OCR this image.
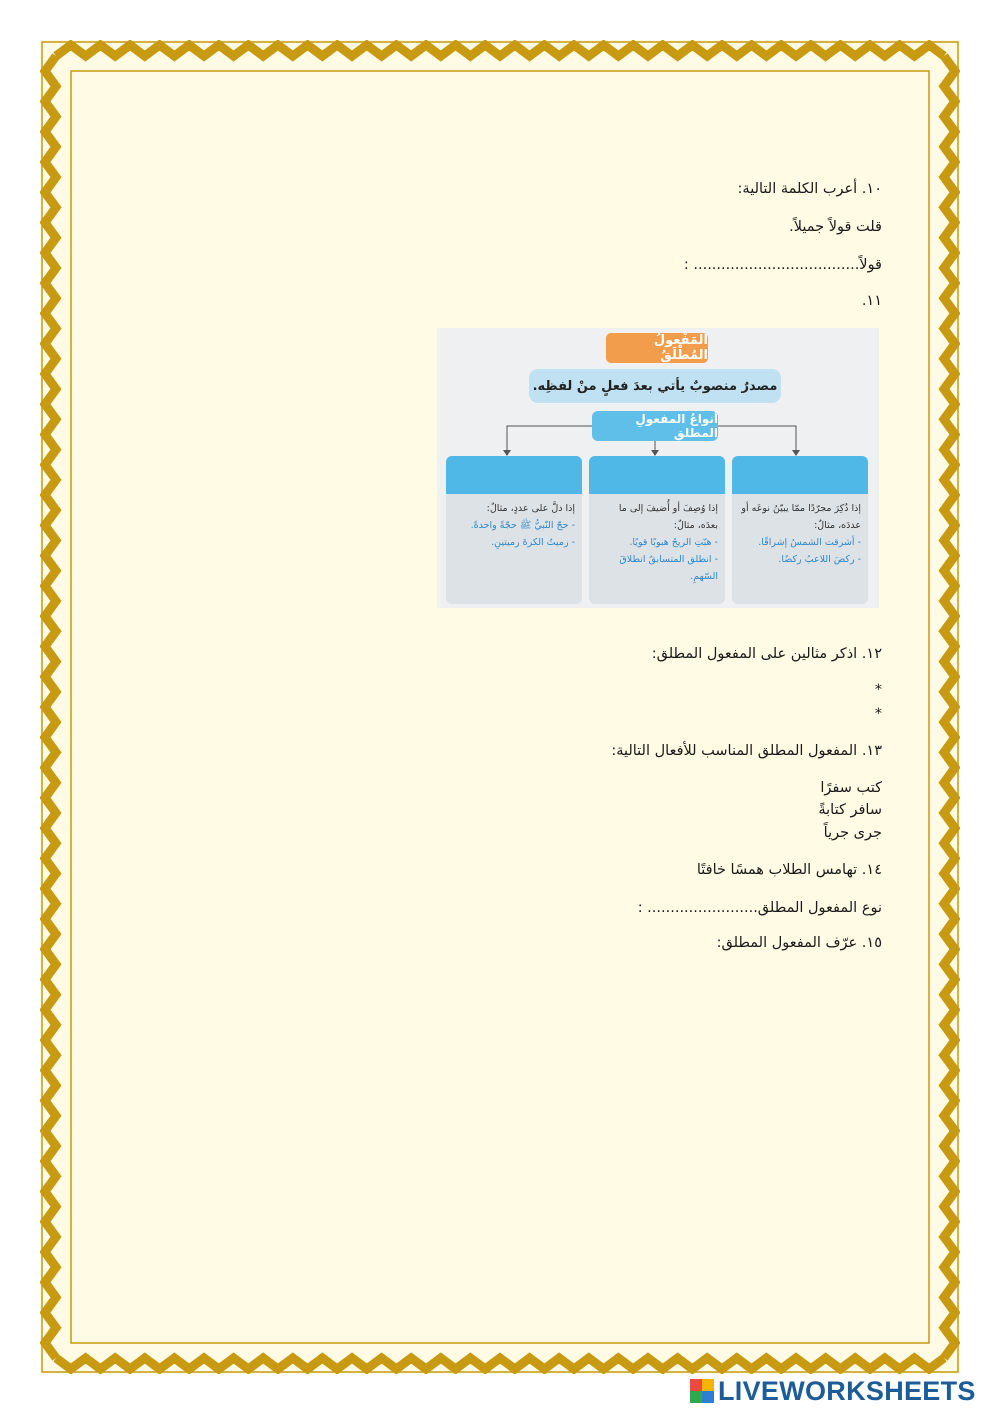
١٠. أعرب الكلمة التالية:
قلت قولاً جميلاً.
قولاً.................................... :
١١.
المَفْعولُ المُطْلَقُ
مصدرٌ منصوبٌ يأتي بعدَ فعلٍ منْ لفظِه.
أنواعُ المفعولِ المطلقِ
إذا ذُكِرَ مجرّدًا ممّا يبيّنُ نوعَه أو عددَه، مثالٌ:
- أشرقت الشمسُ إشراقًا.
- ركضَ اللاعبُ ركضًا.
إذا وُصِفَ أو أُضيفَ إلى ما بعدَه، مثالٌ:
- هبّتِ الريحُ هبوبًا قويًا.
- انطلق المتسابقُ انطلاقَ السّهمِ.
إذا دلَّ على عددٍ، مثالٌ:
- حجّ النّبيُّ ﷺ حجّةً واحدةً.
- رميتُ الكرةَ رميتينِ.
١٢. اذكر مثالين على المفعول المطلق:
*
*
١٣. المفعول المطلق المناسب للأفعال التالية:
كتب سفرًا
سافر كتابةً
جرى جرياً
١٤. تهامس الطلاب همسًا خافتًا
نوع المفعول المطلق........................ :
١٥. عرّف المفعول المطلق:
LIVEWORKSHEETS
